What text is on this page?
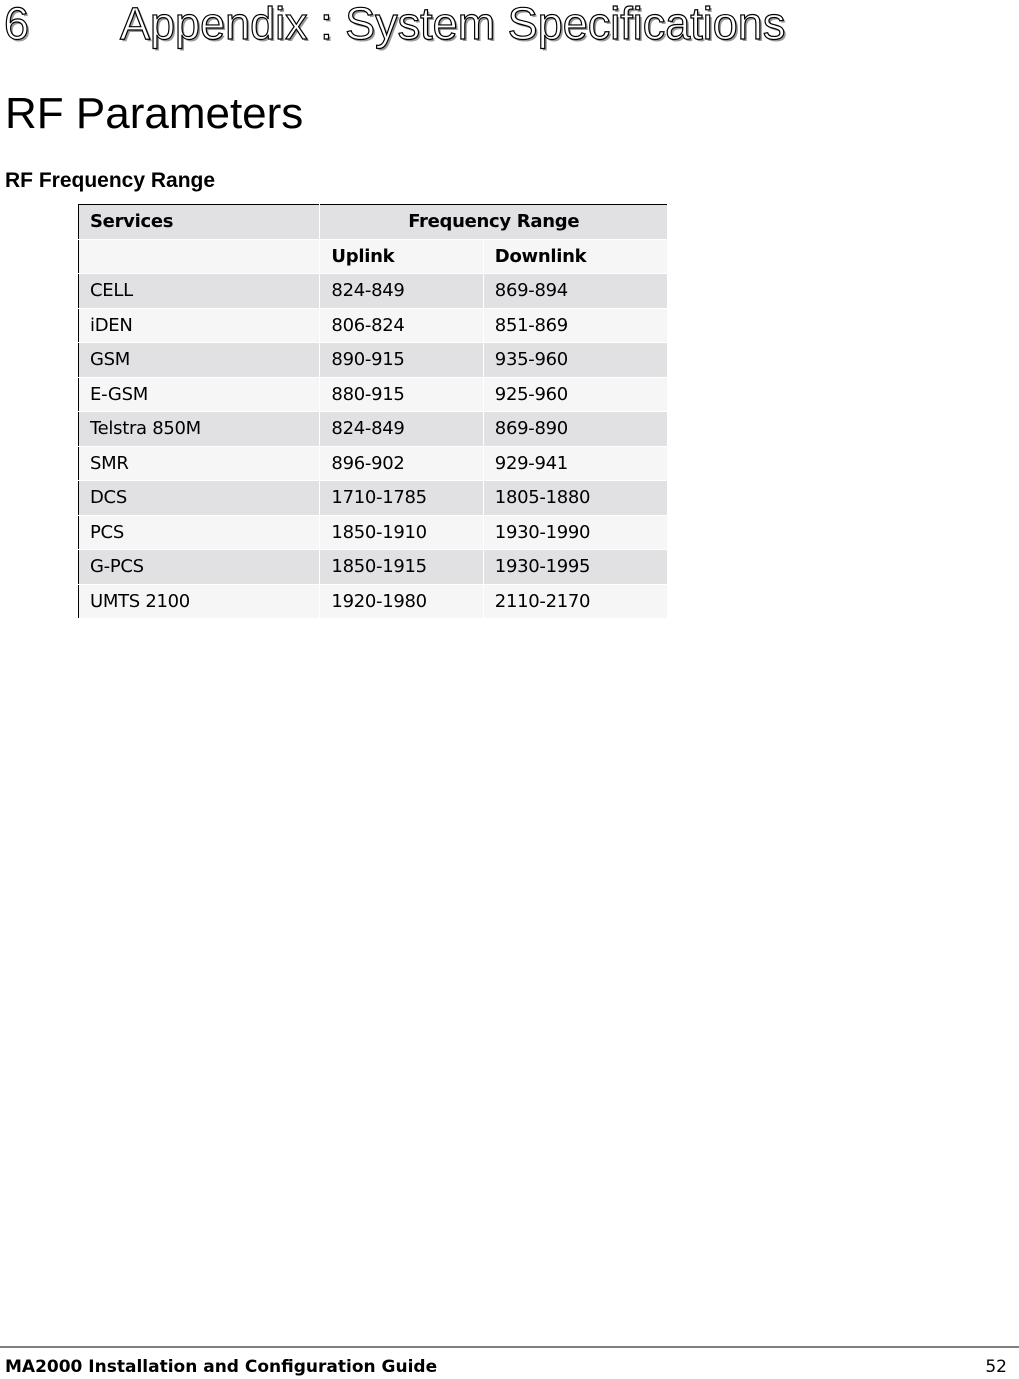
6 Appendix : System Specifications
RF Parameters
RF Frequency Range
Services	Frequency Range	
	Uplink	Downlink
CELL	824-849	869-894
iDEN	806-824	851-869
GSM	890-915	935-960
E-GSM	880-915	925-960
Telstra 850M	824-849	869-890
SMR	896-902	929-941
DCS	1710-1785	1805-1880
PCS	1850-1910	1930-1990
G-PCS	1850-1915	1930-1995
UMTS 2100	1920-1980	2110-2170
MA2000 Installation and Configuration Guide	52
